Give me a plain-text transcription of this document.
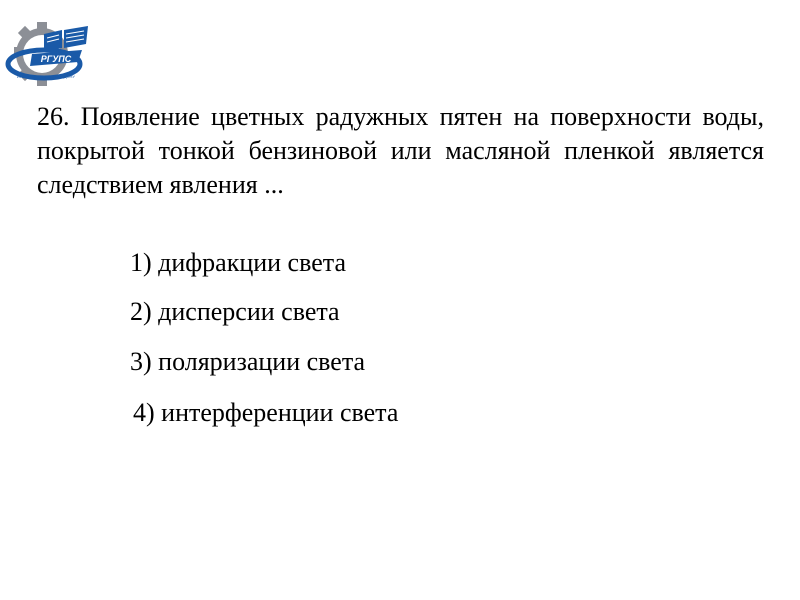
РГУПС
ИНСТИТУТ РОСТОВ НА ДОНУ

26. Появление цветных радужных пятен на поверхности воды, покрытой тонкой бензиновой или масляной пленкой является следствием явления ...

1) дифракции света
2) дисперсии света
3) поляризации света
4) интерференции света
